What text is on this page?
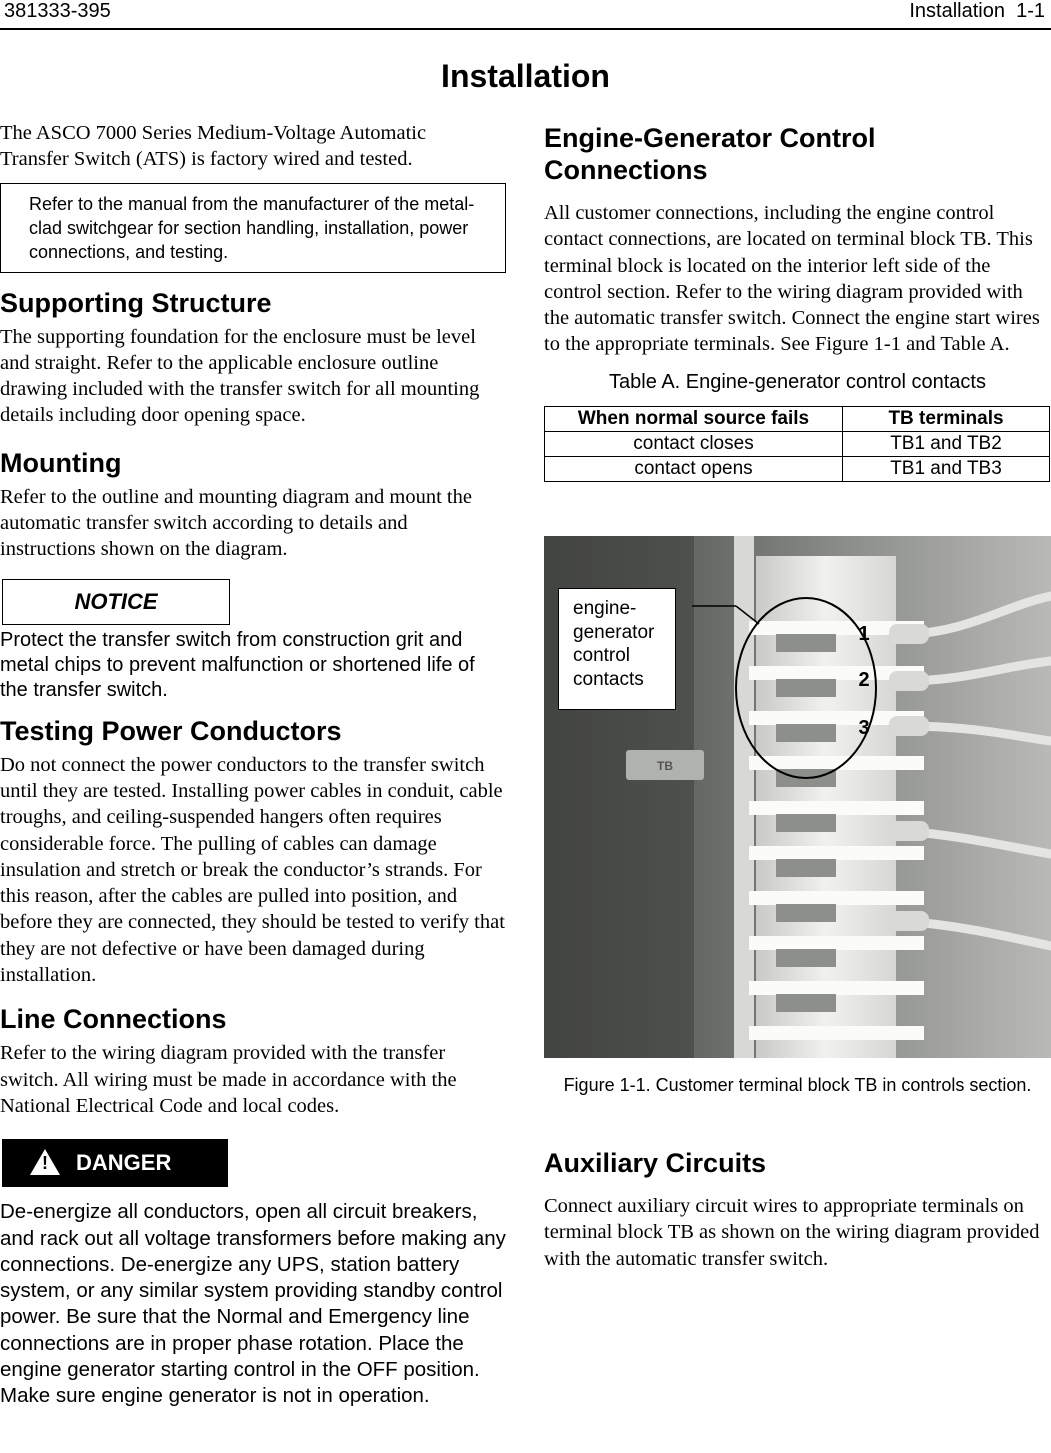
381333-395	Installation  1-1
Installation

The ASCO 7000 Series Medium-Voltage Automatic Transfer Switch (ATS) is factory wired and tested.

Refer to the manual from the manufacturer of the metal-clad switchgear for section handling, installation, power connections, and testing.
Supporting Structure

The supporting foundation for the enclosure must be level and straight. Refer to the applicable enclosure outline drawing included with the transfer switch for all mounting details including door opening space.

Mounting

Refer to the outline and mounting diagram and mount the automatic transfer switch according to details and instructions shown on the diagram.

NOTICE

Protect the transfer switch from construction grit and metal chips to prevent malfunction or shortened life of the transfer switch.

Testing Power Conductors

Do not connect the power conductors to the transfer switch until they are tested. Installing power cables in conduit, cable troughs, and ceiling-suspended hangers often requires considerable force. The pulling of cables can damage insulation and stretch or break the conductor’s strands. For this reason, after the cables are pulled into position, and before they are connected, they should be tested to verify that they are not defective or have been damaged during installation.

Line Connections

Refer to the wiring diagram provided with the transfer switch. All wiring must be made in accordance with the National Electrical Code and local codes.

! DANGER

De-energize all conductors, open all circuit breakers, and rack out all voltage transformers before making any connections. De-energize any UPS, station battery system, or any similar system providing standby control power. Be sure that the Normal and Emergency line connections are in proper phase rotation. Place the engine generator starting control in the OFF position. Make sure engine generator is not in operation.

Engine-Generator Control Connections

All customer connections, including the engine control contact connections, are located on terminal block TB. This terminal block is located on the interior left side of the control section. Refer to the wiring diagram provided with the automatic transfer switch. Connect the engine start wires to the appropriate terminals. See Figure 1-1 and Table A.

Table A. Engine-generator control contacts
When normal source fails	TB terminals
contact closes	TB1 and TB2
contact opens	TB1 and TB3
TB
1
2
3
engine-
generator
control
contacts
Figure 1-1. Customer terminal block TB in controls section.
Auxiliary Circuits

Connect auxiliary circuit wires to appropriate terminals on terminal block TB as shown on the wiring diagram provided with the automatic transfer switch.
